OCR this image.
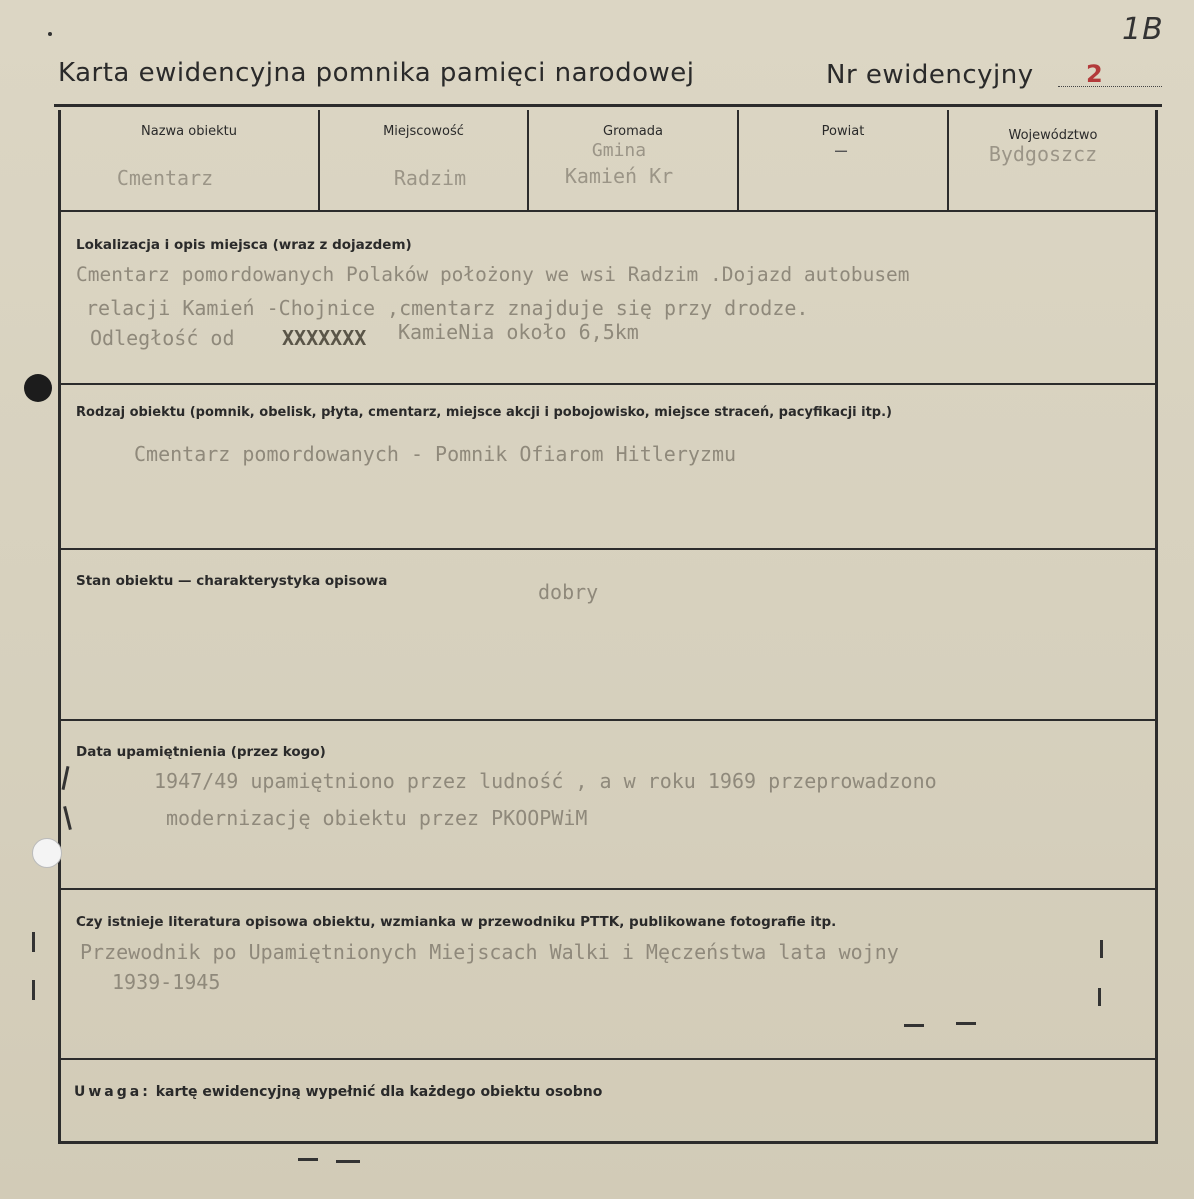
1B
Karta ewidencyjna pomnika pamięci narodowej	Nr ewidencyjny 2
Nazwa obiektu
Cmentarz
Miejscowość
Radzim
Gromada
Gmina
Kamień Kr
Powiat
–
Województwo
Bydgoszcz
Lokalizacja i opis miejsca (wraz z dojazdem)
Cmentarz pomordowanych Polaków położony we wsi Radzim .Dojazd autobusem
relacji Kamień -Chojnice ,cmentarz znajduje się przy drodze.
Odległość od XXXXXXX KamieNia około 6,5km
Rodzaj obiektu (pomnik, obelisk, płyta, cmentarz, miejsce akcji i pobojowisko, miejsce straceń, pacyfikacji itp.)
Cmentarz pomordowanych - Pomnik Ofiarom Hitleryzmu
Stan obiektu — charakterystyka opisowa	dobry
Data upamiętnienia (przez kogo)
1947/49 upamiętniono przez ludność , a w roku 1969 przeprowadzono
modernizację obiektu przez PKOOPWiM
Czy istnieje literatura opisowa obiektu, wzmianka w przewodniku PTTK, publikowane fotografie itp.
Przewodnik po Upamiętnionych Miejscach Walki i Męczeństwa lata wojny
1939-1945
Uwaga: kartę ewidencyjną wypełnić dla każdego obiektu osobno
